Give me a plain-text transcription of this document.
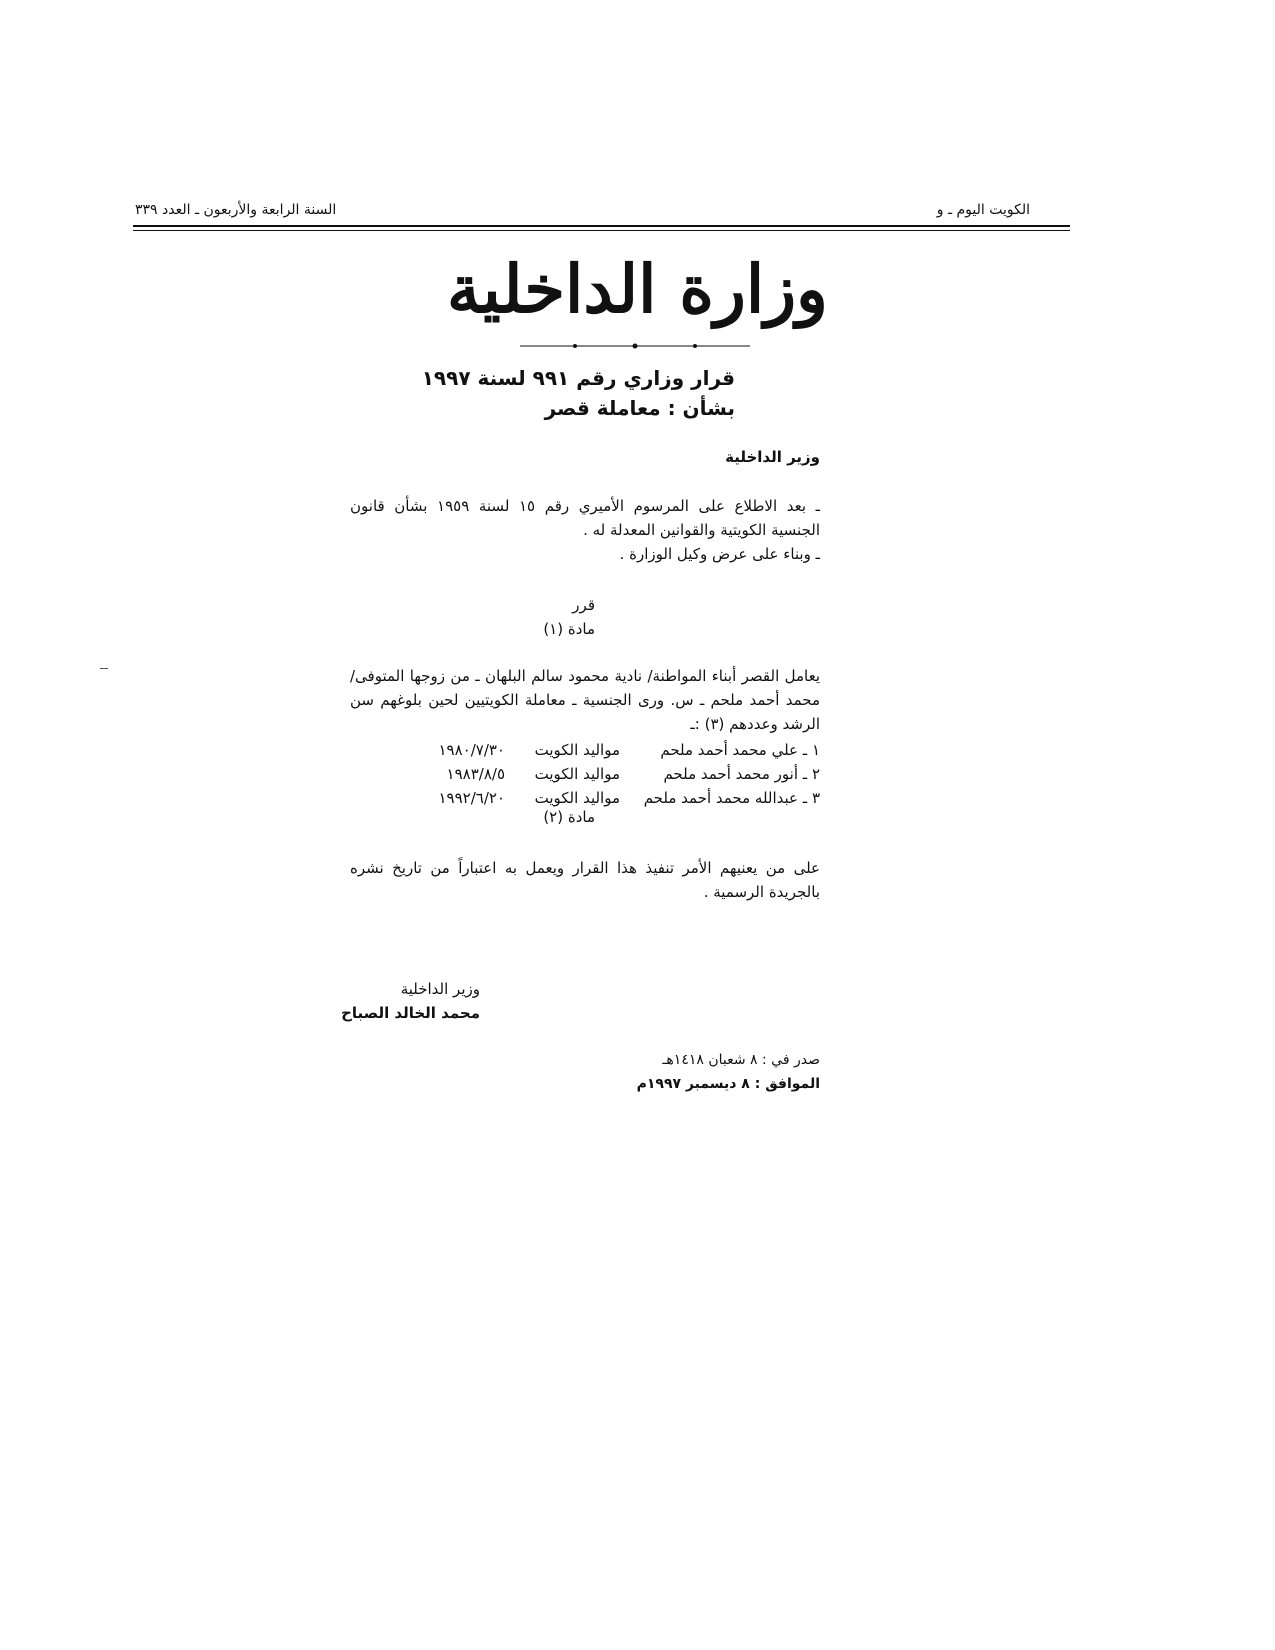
الكويت اليوم ـ و
السنة الرابعة والأربعون ـ العدد ٣٣٩
وزارة الداخلية
قرار وزاري رقم ٩٩١ لسنة ١٩٩٧
بشأن : معاملة قصر
وزير الداخلية

ـ بعد الاطلاع على المرسوم الأميري رقم ١٥ لسنة ١٩٥٩ بشأن قانون الجنسية الكويتية والقوانين المعدلة له .

ـ وبناء على عرض وكيل الوزارة .

قرر
مادة (١)

يعامل القصر أبناء المواطنة/ نادية محمود سالم البلهان ـ من زوجها المتوفى/ محمد أحمد ملحم ـ س. ورى الجنسية ـ معاملة الكويتيين لحين بلوغهم سن الرشد وعددهم (٣) :ـ

١ ـ علي محمد أحمد ملحم
مواليد الكويت
١٩٨٠/٧/٣٠
٢ ـ أنور محمد أحمد ملحم
مواليد الكويت
١٩٨٣/٨/٥
٣ ـ عبدالله محمد أحمد ملحم
مواليد الكويت
١٩٩٢/٦/٢٠
مادة (٢)

على من يعنيهم الأمر تنفيذ هذا القرار ويعمل به اعتباراً من تاريخ نشره بالجريدة الرسمية .

وزير الداخلية
محمد الخالد الصباح
صدر في : ٨ شعبان ١٤١٨هـ
الموافق : ٨ ديسمبر ١٩٩٧م
